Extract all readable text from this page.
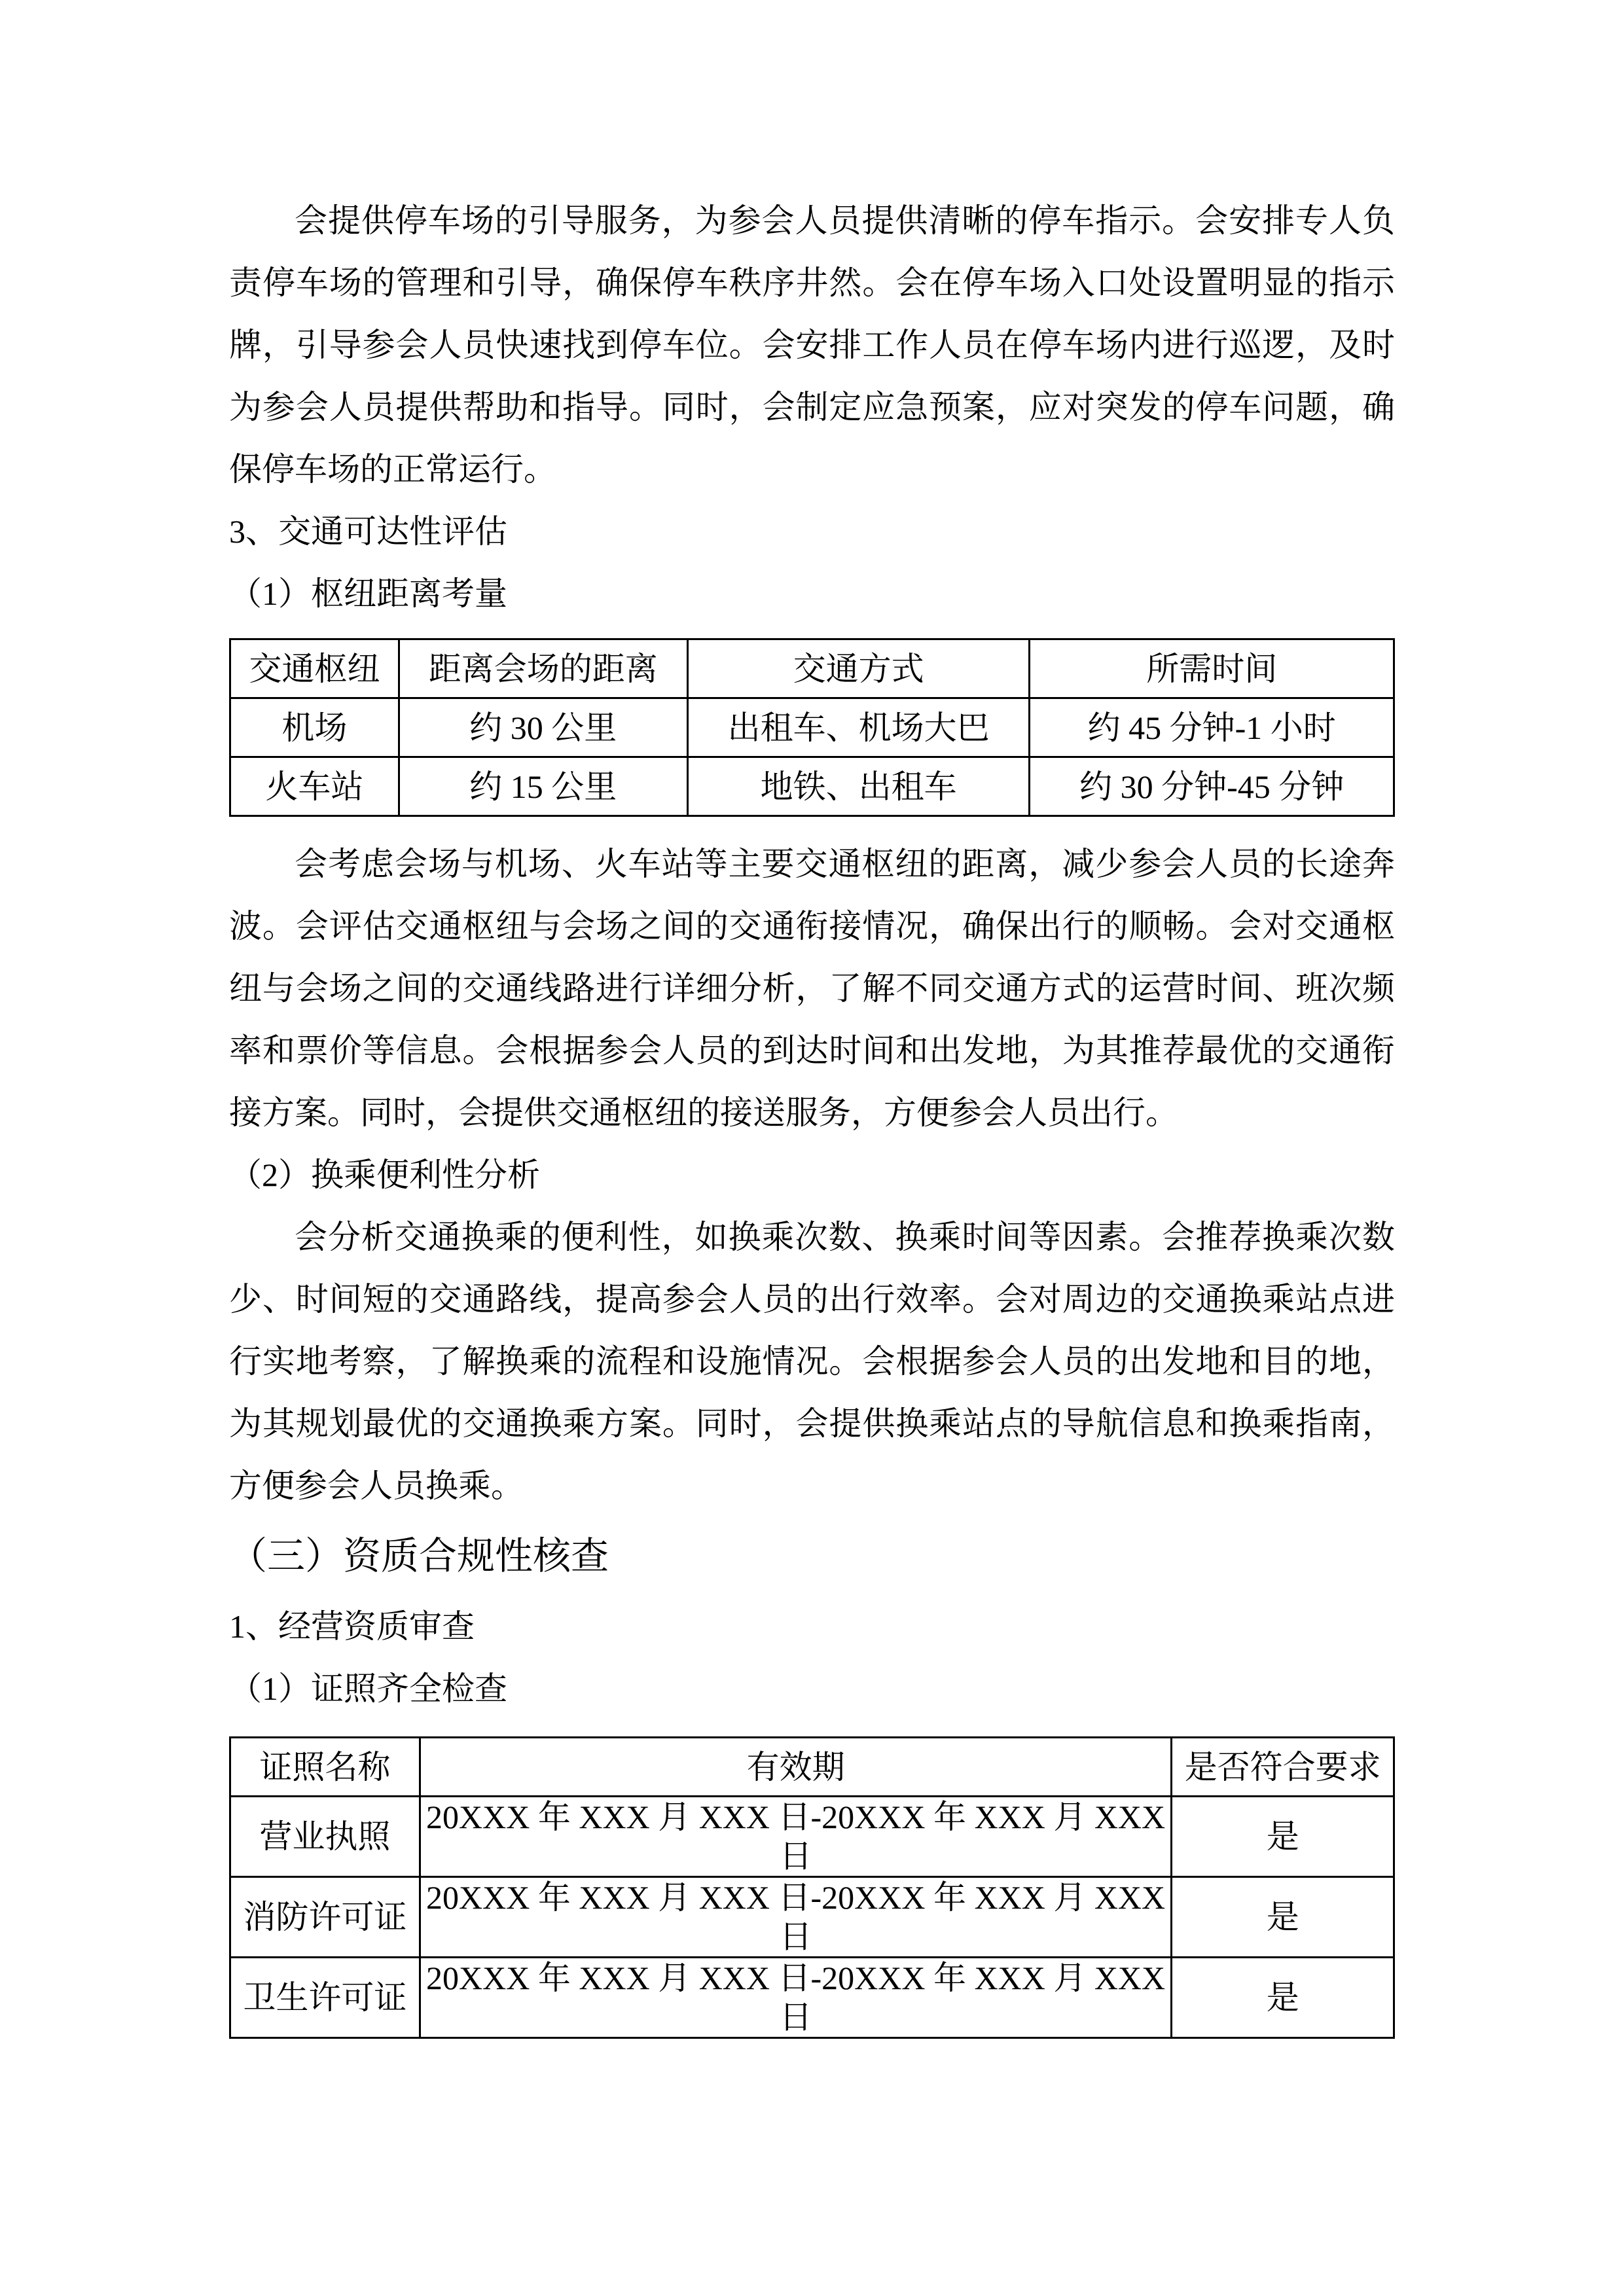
会提供停车场的引导服务，为参会人员提供清晰的停车指示。会安排专人负责停车场的管理和引导，确保停车秩序井然。会在停车场入口处设置明显的指示牌，引导参会人员快速找到停车位。会安排工作人员在停车场内进行巡逻，及时为参会人员提供帮助和指导。同时，会制定应急预案，应对突发的停车问题，确保停车场的正常运行。

3、交通可达性评估

（1）枢纽距离考量

交通枢纽	距离会场的距离	交通方式	所需时间
机场	约 30 公里	出租车、机场大巴	约 45 分钟-1 小时
火车站	约 15 公里	地铁、出租车	约 30 分钟-45 分钟

会考虑会场与机场、火车站等主要交通枢纽的距离，减少参会人员的长途奔波。会评估交通枢纽与会场之间的交通衔接情况，确保出行的顺畅。会对交通枢纽与会场之间的交通线路进行详细分析，了解不同交通方式的运营时间、班次频率和票价等信息。会根据参会人员的到达时间和出发地，为其推荐最优的交通衔接方案。同时，会提供交通枢纽的接送服务，方便参会人员出行。

（2）换乘便利性分析

会分析交通换乘的便利性，如换乘次数、换乘时间等因素。会推荐换乘次数少、时间短的交通路线，提高参会人员的出行效率。会对周边的交通换乘站点进行实地考察，了解换乘的流程和设施情况。会根据参会人员的出发地和目的地，为其规划最优的交通换乘方案。同时，会提供换乘站点的导航信息和换乘指南，方便参会人员换乘。

（三）资质合规性核查

1、经营资质审查

（1）证照齐全检查

证照名称	有效期	是否符合要求
营业执照	20XXX 年 XXX 月 XXX 日-20XXX 年 XXX 月 XXX 日	是
消防许可证	20XXX 年 XXX 月 XXX 日-20XXX 年 XXX 月 XXX 日	是
卫生许可证	20XXX 年 XXX 月 XXX 日-20XXX 年 XXX 月 XXX 日	是
